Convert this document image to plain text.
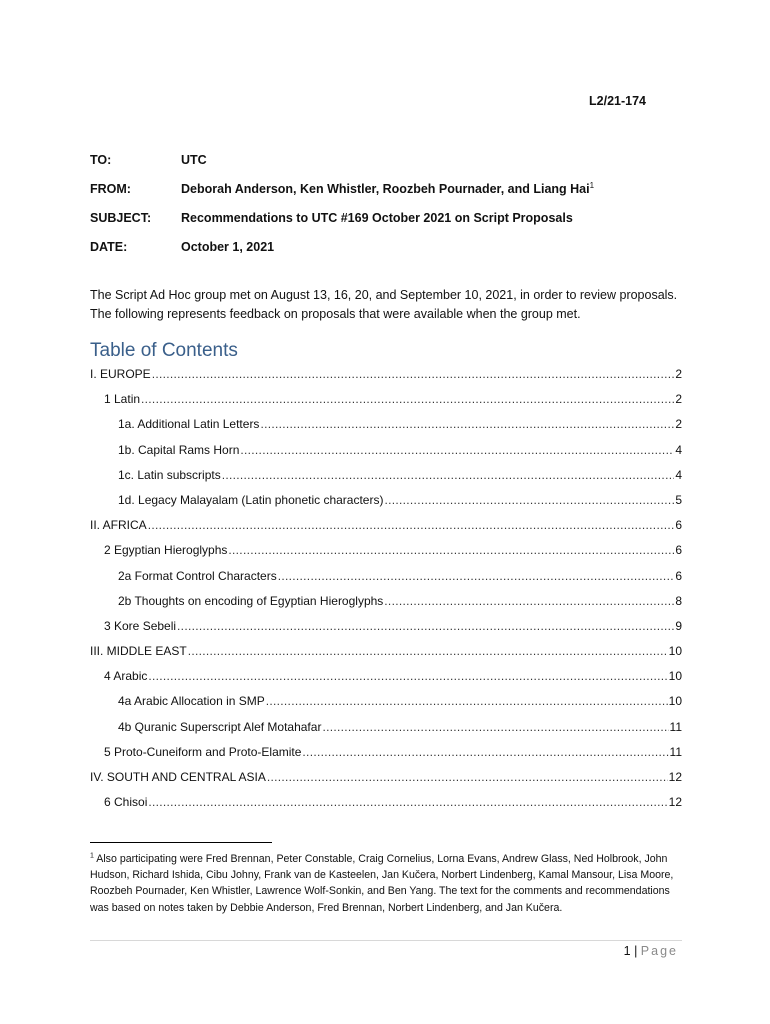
L2/21-174
TO:	UTC
FROM:	Deborah Anderson, Ken Whistler, Roozbeh Pournader, and Liang Hai$^1$
SUBJECT: Recommendations to UTC #169 October 2021 on Script Proposals
DATE:	October 1, 2021
The Script Ad Hoc group met on August 13, 16, 20, and September 10, 2021, in order to review proposals. The following represents feedback on proposals that were available when the group met.
Table of Contents
I. EUROPE .....	2
1 Latin .....	2
1a. Additional Latin Letters .....	2
1b. Capital Rams Horn .....	4
1c. Latin subscripts .....	4
1d. Legacy Malayalam (Latin phonetic characters) .....	5
II. AFRICA .....	6
2 Egyptian Hieroglyphs .....	6
2a Format Control Characters .....	6
2b Thoughts on encoding of Egyptian Hieroglyphs .....	8
3 Kore Sebeli .....	9
III. MIDDLE EAST .....	10
4 Arabic .....	10
4a Arabic Allocation in SMP .....	10
4b Quranic Superscript Alef Motahafar .....	11
5 Proto-Cuneiform and Proto-Elamite .....	11
IV. SOUTH AND CENTRAL ASIA .....	12
6 Chisoi .....	12
$^1$ Also participating were Fred Brennan, Peter Constable, Craig Cornelius, Lorna Evans, Andrew Glass, Ned Holbrook, John Hudson, Richard Ishida, Cibu Johny, Frank van de Kasteelen, Jan Kučera, Norbert Lindenberg, Kamal Mansour, Lisa Moore, Roozbeh Pournader, Ken Whistler, Lawrence Wolf-Sonkin, and Ben Yang. The text for the comments and recommendations was based on notes taken by Debbie Anderson, Fred Brennan, Norbert Lindenberg, and Jan Kučera.
1 | Page
